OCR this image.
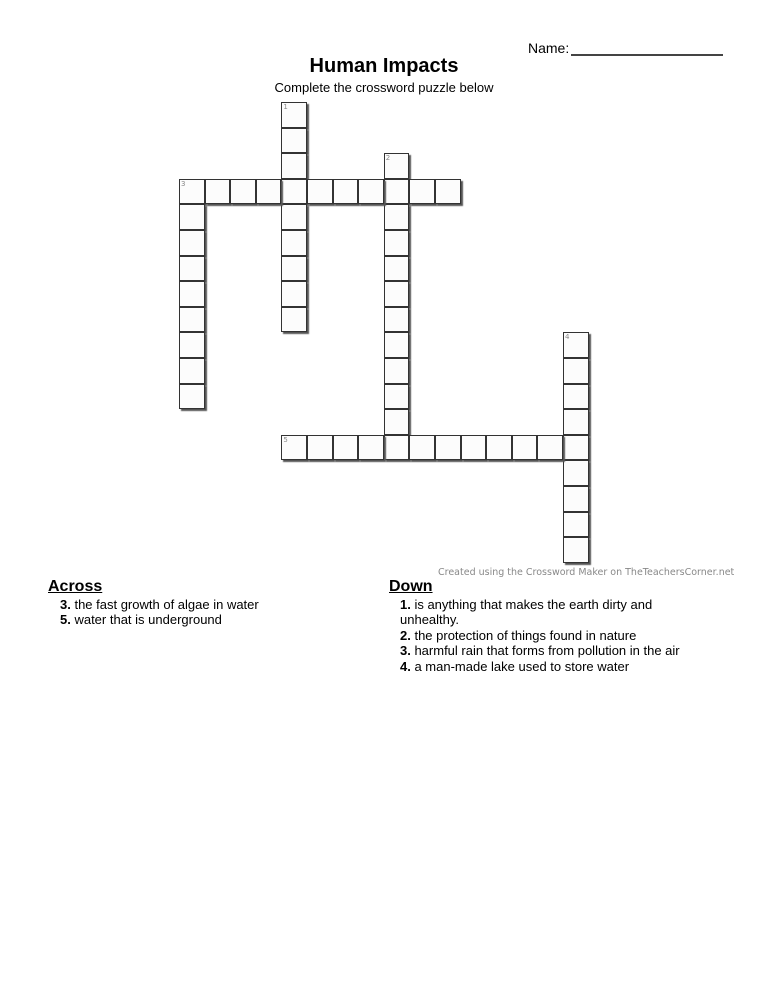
Name:
Human Impacts
Complete the crossword puzzle below
1
2
3
4
5
Created using the Crossword Maker on TheTeachersCorner.net
Across
3. the fast growth of algae in water
5. water that is underground
Down
1. is anything that makes the earth dirty and unhealthy.
2. the protection of things found in nature
3. harmful rain that forms from pollution in the air
4. a man-made lake used to store water
